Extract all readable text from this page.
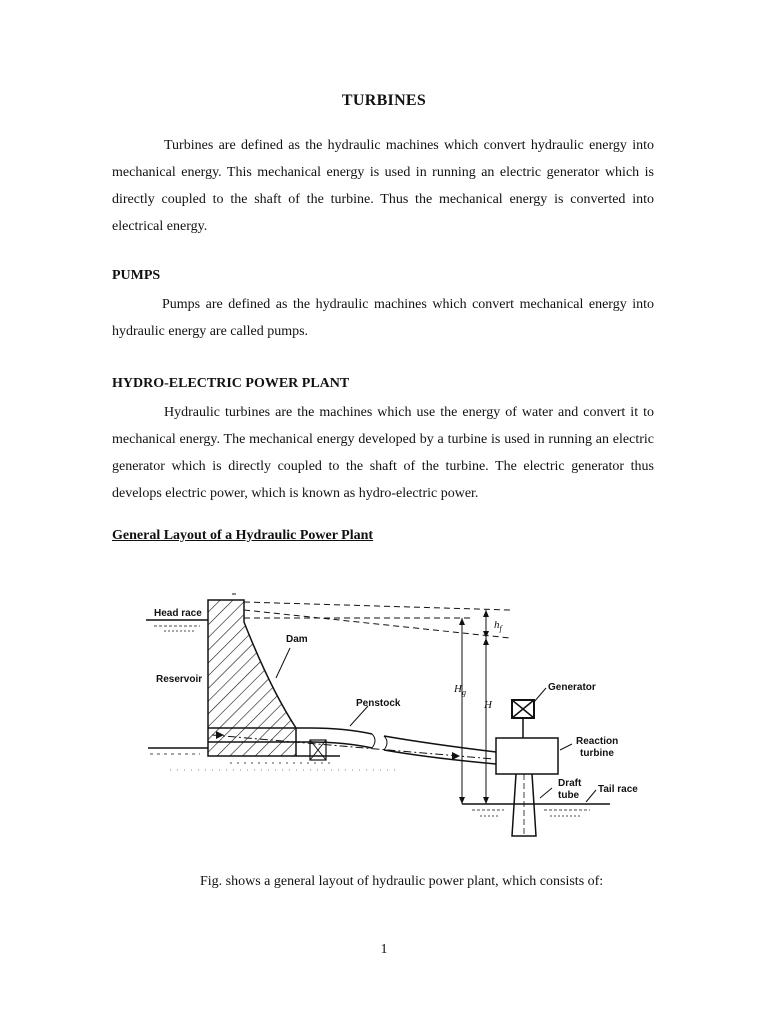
TURBINES

Turbines are defined as the hydraulic machines which convert hydraulic energy into mechanical energy. This mechanical energy is used in running an electric generator which is directly coupled to the shaft of the turbine. Thus the mechanical energy is converted into electrical energy.

PUMPS

Pumps are defined as the hydraulic machines which convert mechanical energy into hydraulic energy are called pumps.

HYDRO-ELECTRIC POWER PLANT

Hydraulic turbines are the machines which use the energy of water and convert it to mechanical energy. The mechanical energy developed by a turbine is used in running an electric generator which is directly coupled to the shaft of the turbine. The electric generator thus develops electric power, which is known as hydro-electric power.

General Layout of a Hydraulic Power Plant
Head race
Reservoir
Dam
Penstock
Generator
Reaction
turbine
Draft
tube
Tail race
$h_f$
$H_g$
H
Fig. shows a general layout of hydraulic power plant, which consists of:
1
